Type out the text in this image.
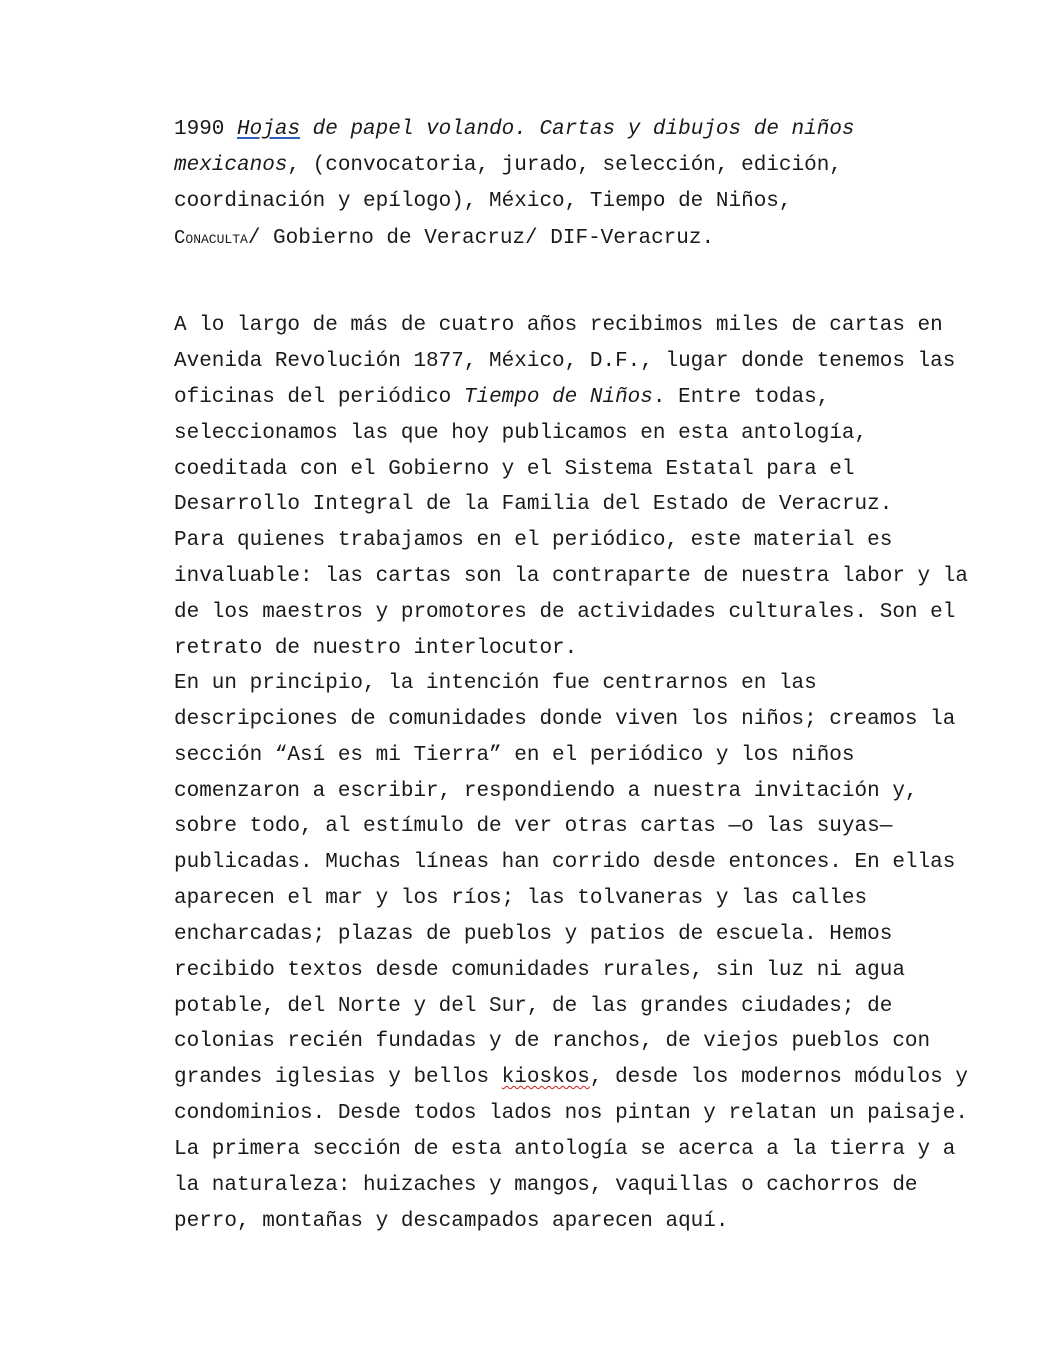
1990 Hojas de papel volando. Cartas y dibujos de niños
mexicanos, (convocatoria, jurado, selección, edición,
coordinación y epílogo), México, Tiempo de Niños,
Conaculta/ Gobierno de Veracruz/ DIF-Veracruz.
A lo largo de más de cuatro años recibimos miles de cartas en
Avenida Revolución 1877, México, D.F., lugar donde tenemos las
oficinas del periódico Tiempo de Niños. Entre todas,
seleccionamos las que hoy publicamos en esta antología,
coeditada con el Gobierno y el Sistema Estatal para el
Desarrollo Integral de la Familia del Estado de Veracruz.
Para quienes trabajamos en el periódico, este material es
invaluable: las cartas son la contraparte de nuestra labor y la
de los maestros y promotores de actividades culturales. Son el
retrato de nuestro interlocutor.
En un principio, la intención fue centrarnos en las
descripciones de comunidades donde viven los niños; creamos la
sección “Así es mi Tierra” en el periódico y los niños
comenzaron a escribir, respondiendo a nuestra invitación y,
sobre todo, al estímulo de ver otras cartas —o las suyas—
publicadas. Muchas líneas han corrido desde entonces. En ellas
aparecen el mar y los ríos; las tolvaneras y las calles
encharcadas; plazas de pueblos y patios de escuela. Hemos
recibido textos desde comunidades rurales, sin luz ni agua
potable, del Norte y del Sur, de las grandes ciudades; de
colonias recién fundadas y de ranchos, de viejos pueblos con
grandes iglesias y bellos kioskos, desde los modernos módulos y
condominios. Desde todos lados nos pintan y relatan un paisaje.
La primera sección de esta antología se acerca a la tierra y a
la naturaleza: huizaches y mangos, vaquillas o cachorros de
perro, montañas y descampados aparecen aquí.
